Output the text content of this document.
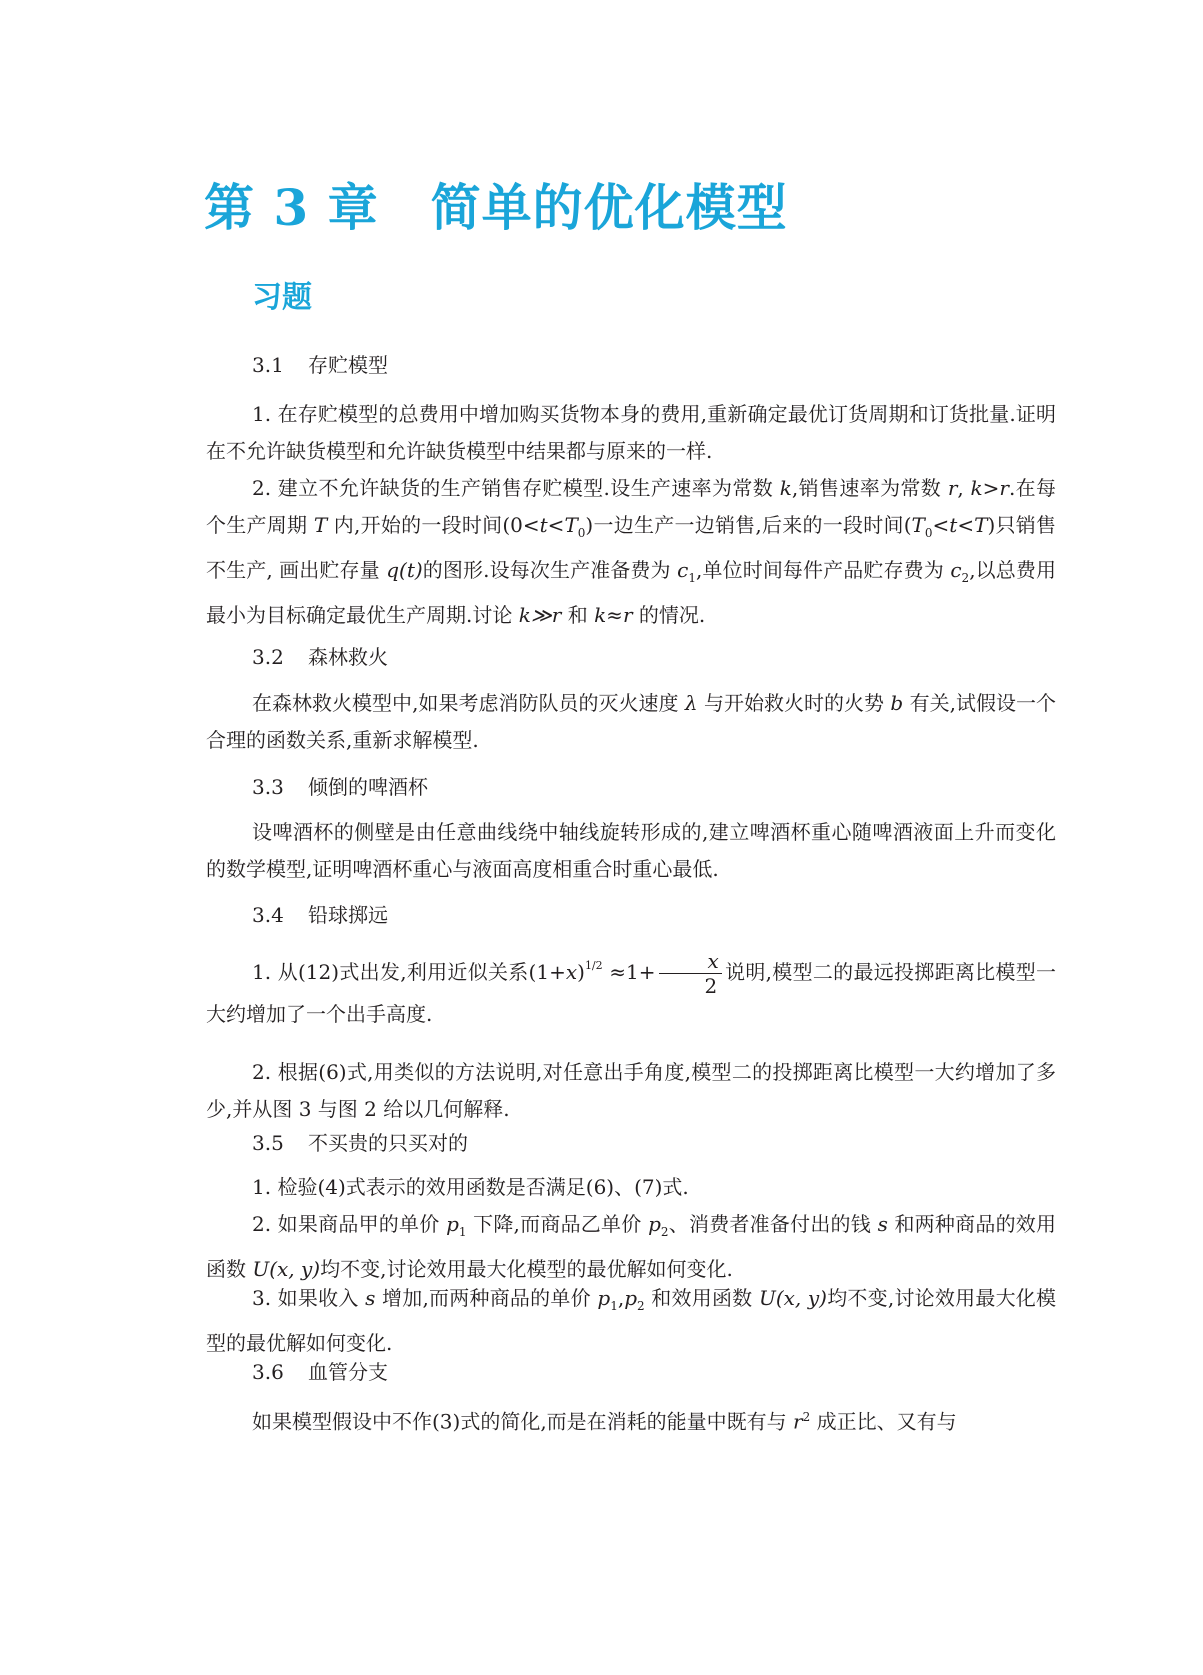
第 3 章 简单的优化模型
习题
3.1 存贮模型

1. 在存贮模型的总费用中增加购买货物本身的费用,重新确定最优订货周期和订货批量.证明在不允许缺货模型和允许缺货模型中结果都与原来的一样.

2. 建立不允许缺货的生产销售存贮模型.设生产速率为常数 k,销售速率为常数 r, k>r.在每个生产周期 T 内,开始的一段时间$(0<t<T_0)$一边生产一边销售,后来的一段时间$(T_0<t<T)$只销售不生产, 画出贮存量 q(t)的图形.设每次生产准备费为 $c_1$,单位时间每件产品贮存费为 $c_2$,以总费用最小为目标确定最优生产周期.讨论 k≫r 和 k≈r 的情况.

3.2 森林救火

在森林救火模型中,如果考虑消防队员的灭火速度 λ 与开始救火时的火势 b 有关,试假设一个合理的函数关系,重新求解模型.

3.3 倾倒的啤酒杯

设啤酒杯的侧壁是由任意曲线绕中轴线旋转形成的,建立啤酒杯重心随啤酒液面上升而变化的数学模型,证明啤酒杯重心与液面高度相重合时重心最低.

3.4 铅球掷远

1. 从(12)式出发,利用近似关系$(1+x)^{1/2} \approx 1+ \frac{x}{2}$ 说明,模型二的最远投掷距离比模型一大约增加了一个出手高度.

2. 根据(6)式,用类似的方法说明,对任意出手角度,模型二的投掷距离比模型一大约增加了多少,并从图 3 与图 2 给以几何解释.

3.5 不买贵的只买对的

1. 检验(4)式表示的效用函数是否满足(6)、(7)式.

2. 如果商品甲的单价 $p_1$ 下降,而商品乙单价 $p_2$、消费者准备付出的钱 s 和两种商品的效用函数 U(x, y)均不变,讨论效用最大化模型的最优解如何变化.

3. 如果收入 s 增加,而两种商品的单价 $p_1,p_2$ 和效用函数 U(x, y)均不变,讨论效用最大化模型的最优解如何变化.

3.6 血管分支

如果模型假设中不作(3)式的简化,而是在消耗的能量中既有与 $r^2$ 成正比、又有与
